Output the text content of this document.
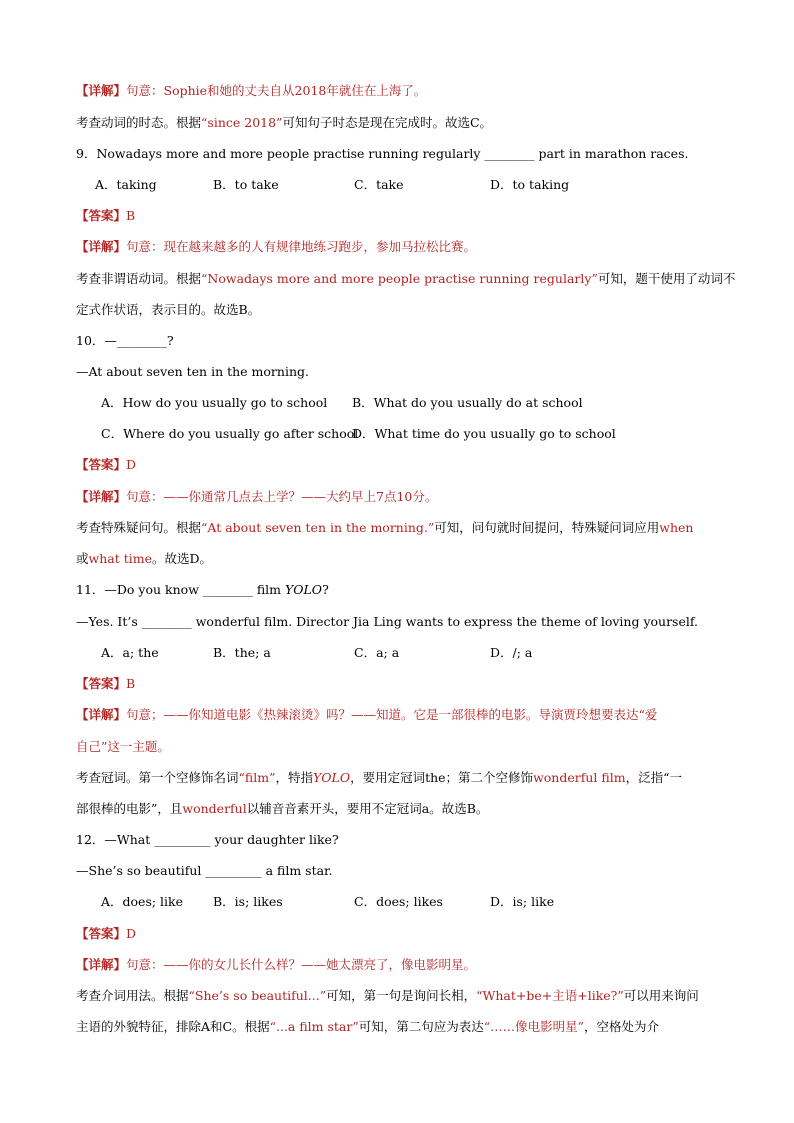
【详解】句意：Sophie和她的丈夫自从2018年就住在上海了。
考查动词的时态。根据“since 2018”可知句子时态是现在完成时。故选C。
9．Nowadays more and more people practise running regularly ________ part in marathon races.
A．taking	B．to take	C．take	D．to taking
【答案】B
【详解】句意：现在越来越多的人有规律地练习跑步，参加马拉松比赛。
考查非谓语动词。根据“Nowadays more and more people practise running regularly”可知，题干使用了动词不
定式作状语，表示目的。故选B。
10．—________?
—At about seven ten in the morning.
A．How do you usually go to school B．What do you usually do at school
C．Where do you usually go after school
D．What time do you usually go to school
【答案】D
【详解】句意：——你通常几点去上学？——大约早上7点10分。
考查特殊疑问句。根据“At about seven ten in the morning.”可知，问句就时间提问，特殊疑问词应用when
或what time。故选D。
11．—Do you know ________ film YOLO?
—Yes. It’s ________ wonderful film. Director Jia Ling wants to express the theme of loving yourself.
A．a; the	B．the; a	C．a; a	D．/; a
【答案】B
【详解】句意；——你知道电影《热辣滚烫》吗？——知道。它是一部很棒的电影。导演贾玲想要表达“爱
自己”这一主题。
考查冠词。第一个空修饰名词“film”，特指YOLO，要用定冠词the；第二个空修饰wonderful film，泛指“一
部很棒的电影”，且wonderful以辅音音素开头，要用不定冠词a。故选B。
12．—What _________ your daughter like?
—She’s so beautiful _________ a film star.
A．does; like B．is; likes	C．does; likes	D．is; like
【答案】D
【详解】句意：——你的女儿长什么样？——她太漂亮了，像电影明星。
考查介词用法。根据“She’s so beautiful...”可知，第一句是询问长相，“What+be+主语+like?”可以用来询问
主语的外貌特征，排除A和C。根据“...a film star”可知，第二句应为表达“……像电影明星”，空格处为介
